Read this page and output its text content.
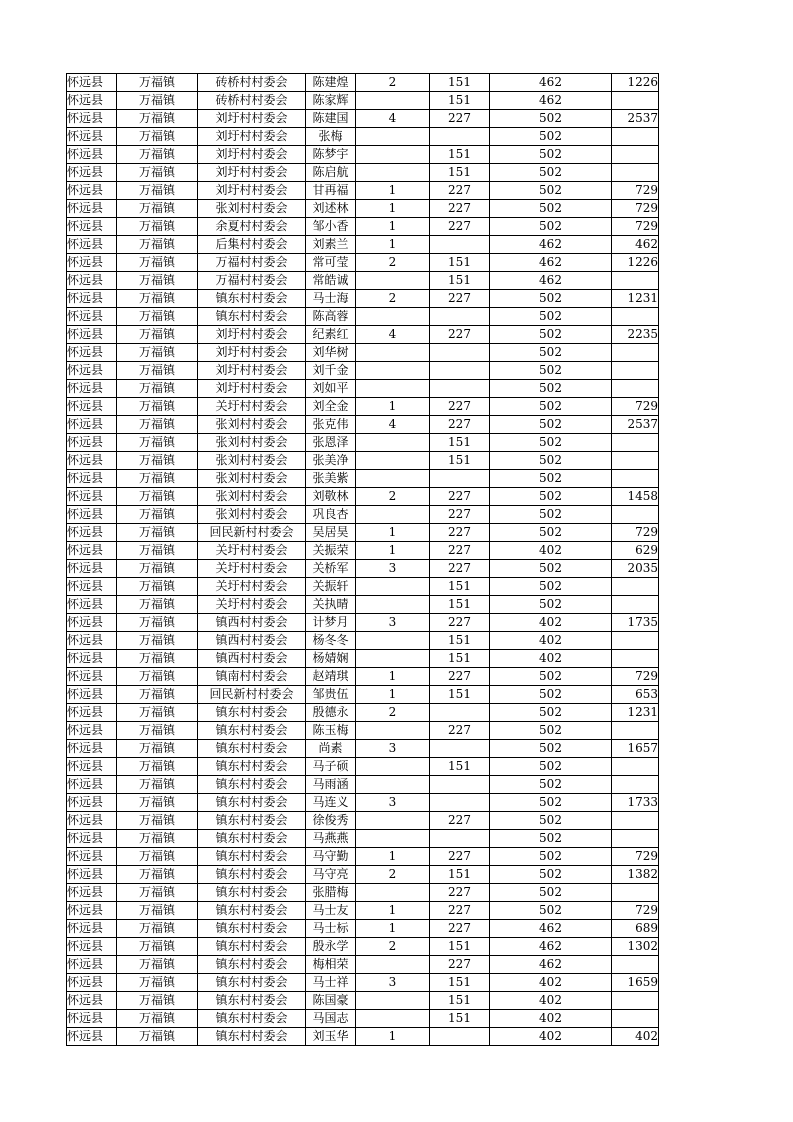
怀远县	万福镇	砖桥村村委会	陈建煌	2	151	462	1226
怀远县	万福镇	砖桥村村委会	陈家辉		151	462	
怀远县	万福镇	刘圩村村委会	陈建国	4	227	502	2537
怀远县	万福镇	刘圩村村委会	张梅			502	
怀远县	万福镇	刘圩村村委会	陈梦宇		151	502	
怀远县	万福镇	刘圩村村委会	陈启航		151	502	
怀远县	万福镇	刘圩村村委会	甘再福	1	227	502	729
怀远县	万福镇	张刘村村委会	刘述林	1	227	502	729
怀远县	万福镇	余夏村村委会	邹小香	1	227	502	729
怀远县	万福镇	后集村村委会	刘素兰	1		462	462
怀远县	万福镇	万福村村委会	常可莹	2	151	462	1226
怀远县	万福镇	万福村村委会	常皓诚		151	462	
怀远县	万福镇	镇东村村委会	马士海	2	227	502	1231
怀远县	万福镇	镇东村村委会	陈高蓉			502	
怀远县	万福镇	刘圩村村委会	纪素红	4	227	502	2235
怀远县	万福镇	刘圩村村委会	刘华树			502	
怀远县	万福镇	刘圩村村委会	刘千金			502	
怀远县	万福镇	刘圩村村委会	刘如平			502	
怀远县	万福镇	关圩村村委会	刘全金	1	227	502	729
怀远县	万福镇	张刘村村委会	张克伟	4	227	502	2537
怀远县	万福镇	张刘村村委会	张恩泽		151	502	
怀远县	万福镇	张刘村村委会	张美净		151	502	
怀远县	万福镇	张刘村村委会	张美紫			502	
怀远县	万福镇	张刘村村委会	刘敬林	2	227	502	1458
怀远县	万福镇	张刘村村委会	巩良杏		227	502	
怀远县	万福镇	回民新村村委会	吴居昊	1	227	502	729
怀远县	万福镇	关圩村村委会	关振荣	1	227	402	629
怀远县	万福镇	关圩村村委会	关桥军	3	227	502	2035
怀远县	万福镇	关圩村村委会	关振轩		151	502	
怀远县	万福镇	关圩村村委会	关执晴		151	502	
怀远县	万福镇	镇西村村委会	计梦月	3	227	402	1735
怀远县	万福镇	镇西村村委会	杨冬冬		151	402	
怀远县	万福镇	镇西村村委会	杨婧娴		151	402	
怀远县	万福镇	镇南村村委会	赵靖琪	1	227	502	729
怀远县	万福镇	回民新村村委会	邹贵伍	1	151	502	653
怀远县	万福镇	镇东村村委会	殷德永	2		502	1231
怀远县	万福镇	镇东村村委会	陈玉梅		227	502	
怀远县	万福镇	镇东村村委会	尚素	3		502	1657
怀远县	万福镇	镇东村村委会	马子硕		151	502	
怀远县	万福镇	镇东村村委会	马雨涵			502	
怀远县	万福镇	镇东村村委会	马连义	3		502	1733
怀远县	万福镇	镇东村村委会	徐俊秀		227	502	
怀远县	万福镇	镇东村村委会	马燕燕			502	
怀远县	万福镇	镇东村村委会	马守勤	1	227	502	729
怀远县	万福镇	镇东村村委会	马守亮	2	151	502	1382
怀远县	万福镇	镇东村村委会	张腊梅		227	502	
怀远县	万福镇	镇东村村委会	马士友	1	227	502	729
怀远县	万福镇	镇东村村委会	马士标	1	227	462	689
怀远县	万福镇	镇东村村委会	殷永学	2	151	462	1302
怀远县	万福镇	镇东村村委会	梅相荣		227	462	
怀远县	万福镇	镇东村村委会	马士祥	3	151	402	1659
怀远县	万福镇	镇东村村委会	陈国豪		151	402	
怀远县	万福镇	镇东村村委会	马国志		151	402	
怀远县	万福镇	镇东村村委会	刘玉华	1		402	402
